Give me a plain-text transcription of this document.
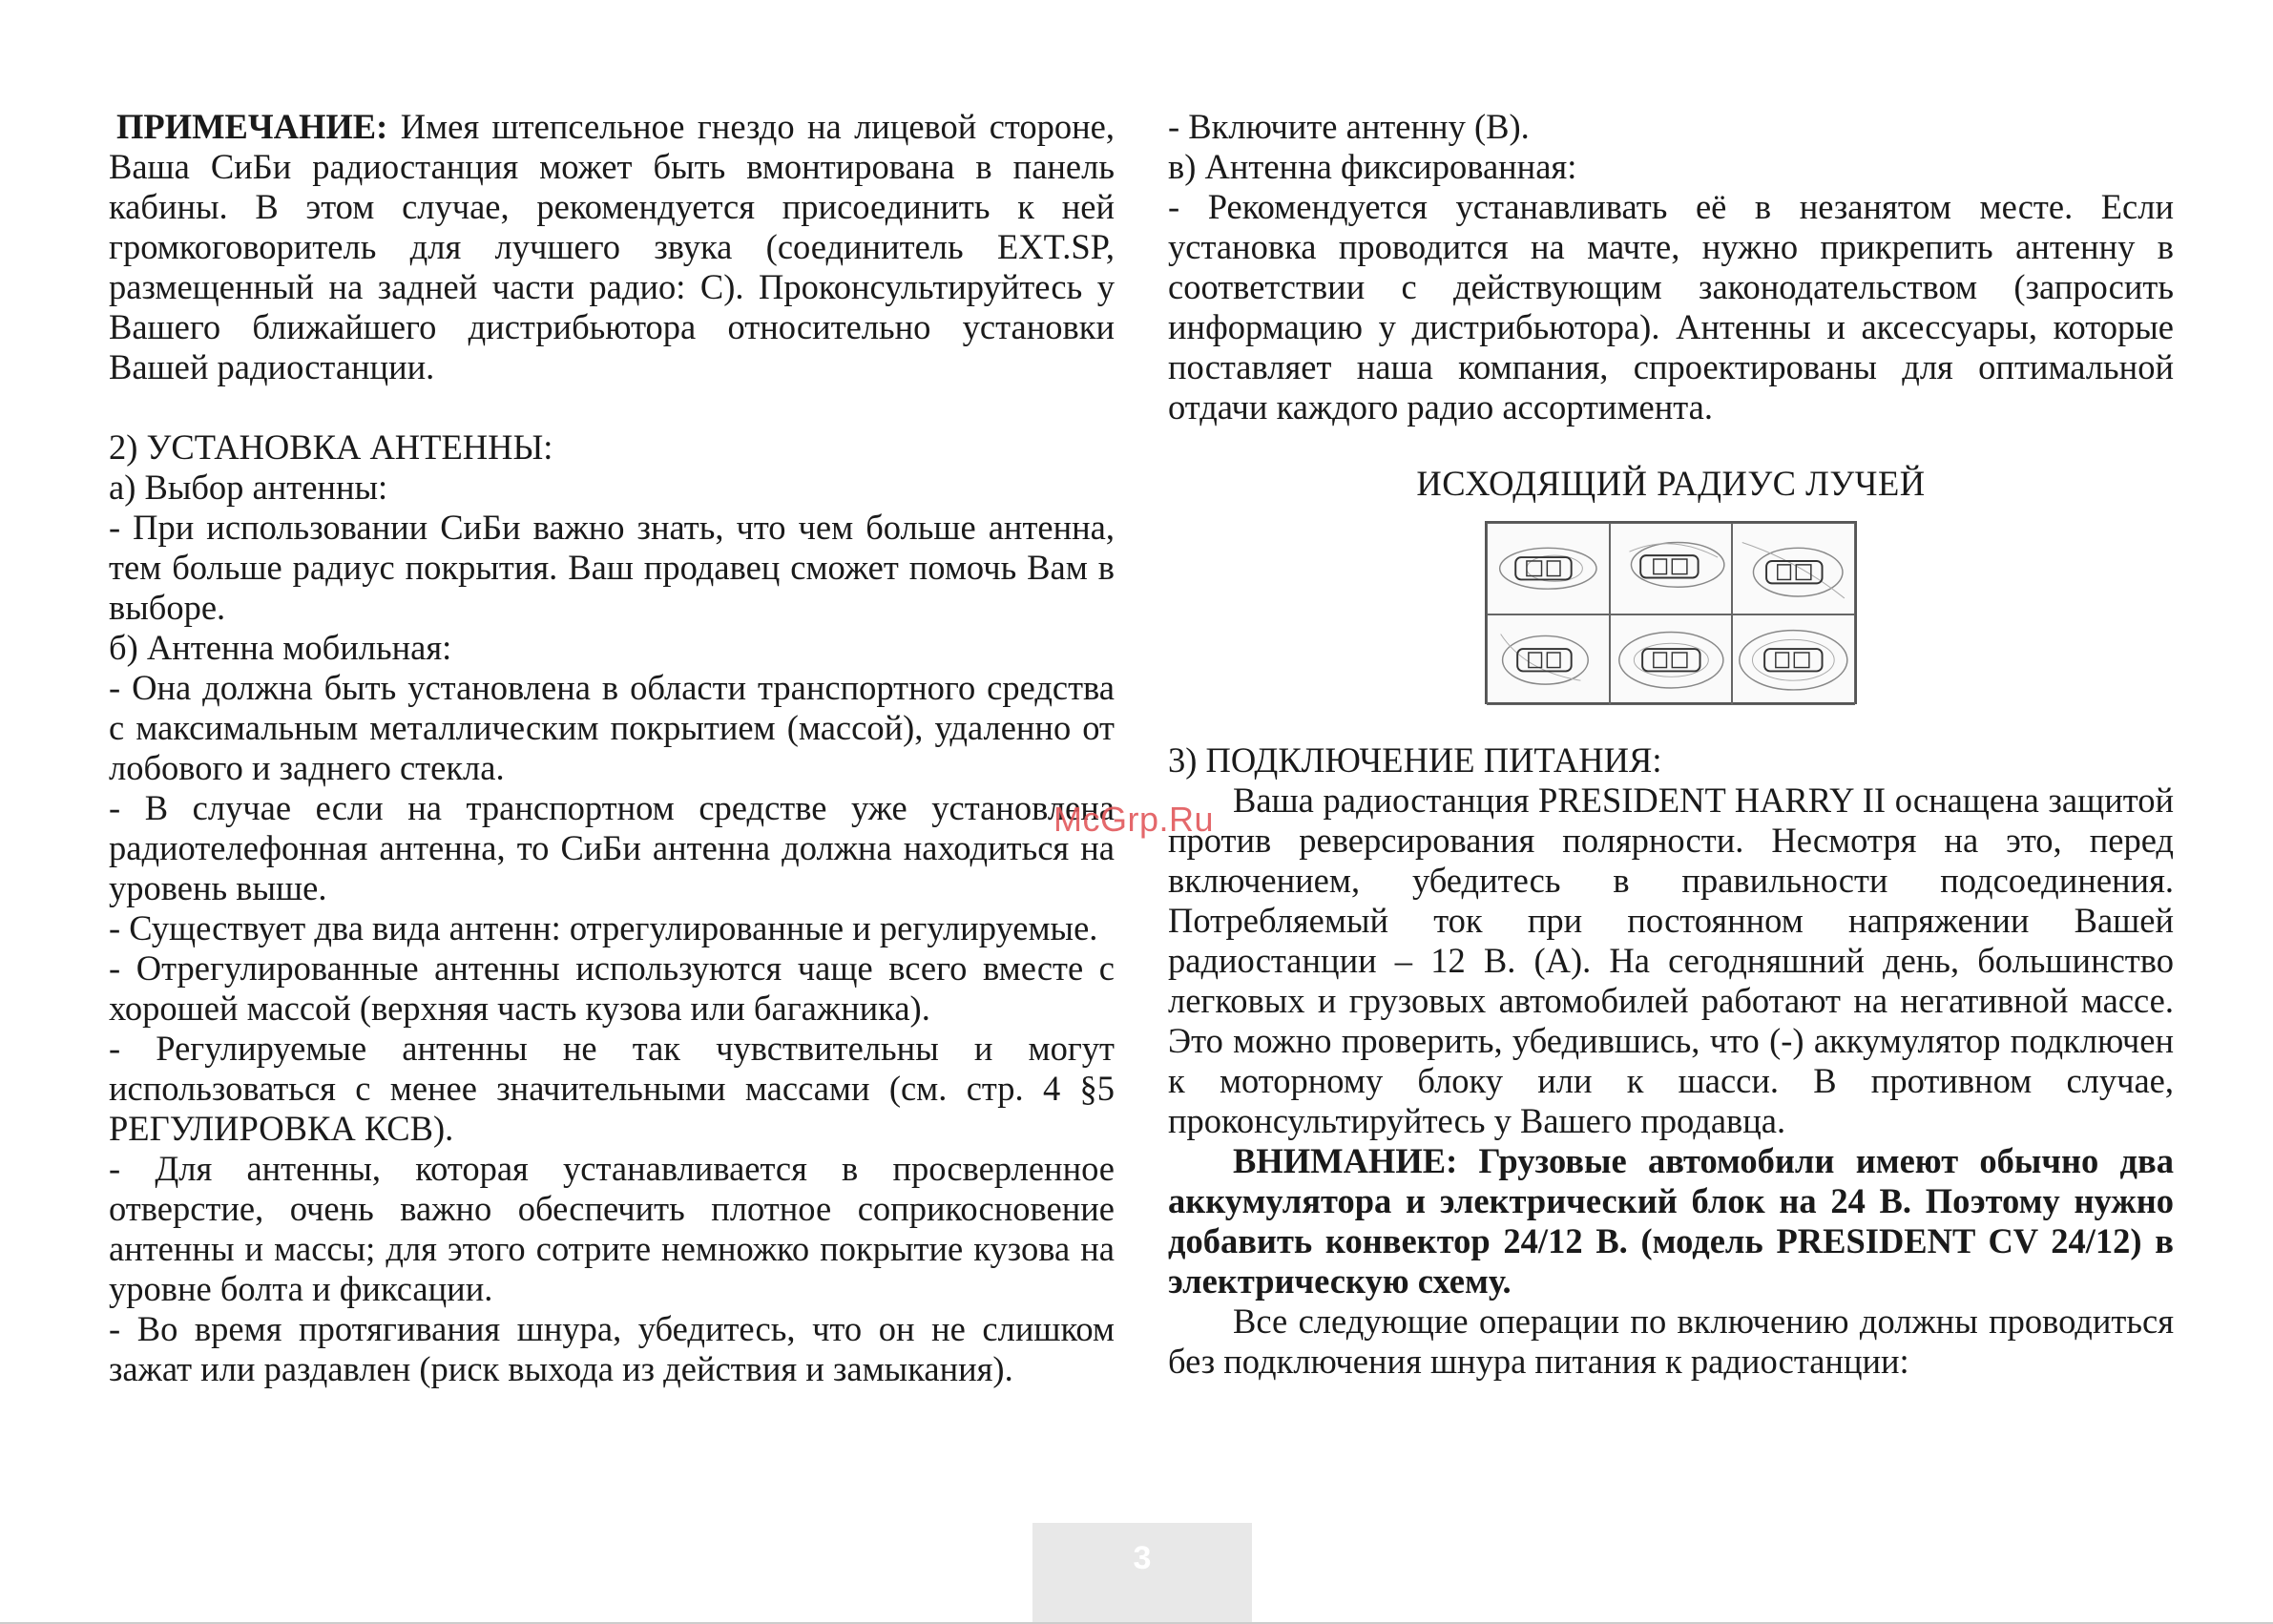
ПРИМЕЧАНИЕ: Имея штепсельное гнездо на лицевой стороне, Ваша СиБи радиостанция может быть вмонтирована в панель кабины. В этом случае, рекомендуется присоединить к ней громкоговоритель для лучшего звука (соединитель EXT.SP, размещенный на задней части радио: C). Проконсультируйтесь у Вашего ближайшего дистрибьютора относительно установки Вашей радиостанции.

2) УСТАНОВКА АНТЕННЫ:

а) Выбор антенны:

- При использовании СиБи важно знать, что чем больше антенна, тем больше радиус покрытия. Ваш продавец сможет помочь Вам в выборе.

б) Антенна мобильная:

- Она должна быть установлена в области транспортного средства с максимальным металлическим покрытием (массой), удаленно от лобового и заднего стекла.

- В случае если на транспортном средстве уже установлена радиотелефонная антенна, то СиБи антенна должна находиться на уровень выше.

- Существует два вида антенн: отрегулированные и регулируемые.

- Отрегулированные антенны используются чаще всего вместе с хорошей массой (верхняя часть кузова или багажника).

- Регулируемые антенны не так чувствительны и могут использоваться с менее значительными массами (см. стр. 4 §5 РЕГУЛИРОВКА КСВ).

- Для антенны, которая устанавливается в просверленное отверстие, очень важно обеспечить плотное соприкосновение антенны и массы; для этого сотрите немножко покрытие кузова на уровне болта и фиксации.

- Во время протягивания шнура, убедитесь, что он не слишком зажат или раздавлен (риск выхода из действия и замыкания).

- Включите антенну (В).

в) Антенна фиксированная:

- Рекомендуется устанавливать её в незанятом месте. Если установка проводится на мачте, нужно прикрепить антенну в соответствии с действующим законодательством (запросить информацию у дистрибьютора). Антенны и аксессуары, которые поставляет наша компания, спроектированы для оптимальной отдачи каждого радио ассортимента.

ИСХОДЯЩИЙ РАДИУС ЛУЧЕЙ

3) ПОДКЛЮЧЕНИЕ ПИТАНИЯ:

Ваша радиостанция PRESIDENT HARRY II оснащена защитой против реверсирования полярности. Несмотря на это, перед включением, убедитесь в правильности подсоединения. Потребляемый ток при постоянном напряжении Вашей радиостанции – 12 В. (А). На сегодняшний день, большинство легковых и грузовых автомобилей работают на негативной массе. Это можно проверить, убедившись, что (-) аккумулятор подключен к моторному блоку или к шасси. В противном случае, проконсультируйтесь у Вашего продавца.

ВНИМАНИЕ: Грузовые автомобили имеют обычно два аккумулятора и электрический блок на 24 В. Поэтому нужно добавить конвектор 24/12 В. (модель PRESIDENT CV 24/12) в электрическую схему.

Все следующие операции по включению должны проводиться без подключения шнура питания к радиостанции:

McGrp.Ru
3
